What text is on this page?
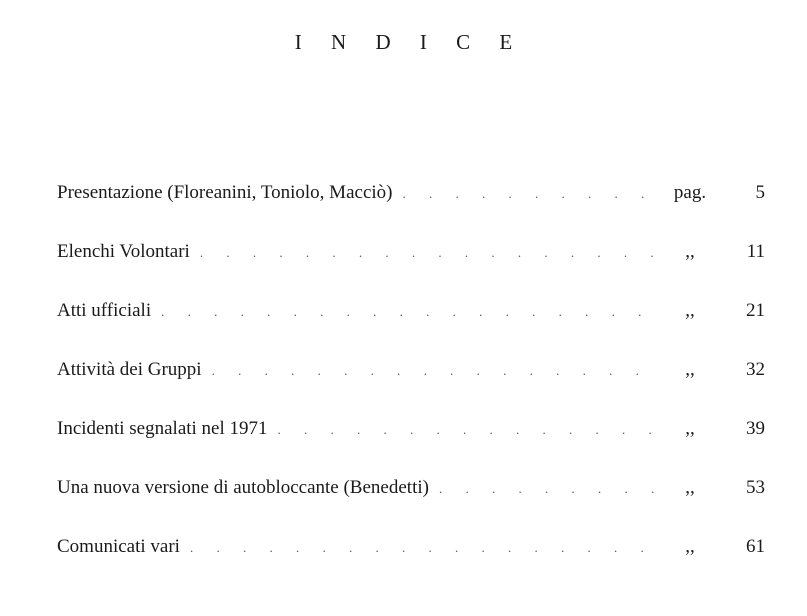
I N D I C E
Presentazione (Floreanini, Toniolo, Macciò) . . .	pag.	5
Elenchi Volontari . . .	,,	11
Atti ufficiali . . .	,,	21
Attività dei Gruppi . . .	,,	32
Incidenti segnalati nel 1971 . . .	,,	39
Una nuova versione di autobloccante (Benedetti) . . .	,,	53
Comunicati vari . . .	,,	61
